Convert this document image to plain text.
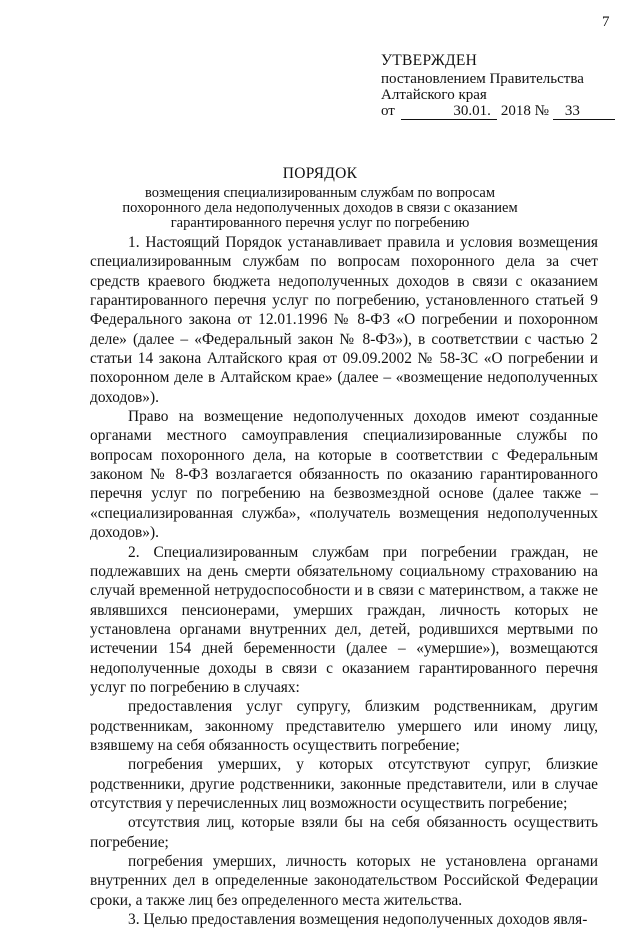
7
УТВЕРЖДЕН
постановлением Правительства
Алтайского края
от	30.01. 2018 №	33
ПОРЯДОК
возмещения специализированным службам по вопросам похоронного дела недополученных доходов в связи с оказанием гарантированного перечня услуг по погребению

1. Настоящий Порядок устанавливает правила и условия возмещения специализированным службам по вопросам похоронного дела за счет средств краевого бюджета недополученных доходов в связи с оказанием гарантированного перечня услуг по погребению, установленного статьей 9 Федерального закона от 12.01.1996 № 8-ФЗ «О погребении и похоронном деле» (далее – «Федеральный закон № 8-ФЗ»), в соответствии с частью 2 статьи 14 закона Алтайского края от 09.09.2002 № 58-ЗС «О погребении и похоронном деле в Алтайском крае» (далее – «возмещение недополученных доходов»).

Право на возмещение недополученных доходов имеют созданные органами местного самоуправления специализированные службы по вопросам похоронного дела, на которые в соответствии с Федеральным законом № 8-ФЗ возлагается обязанность по оказанию гарантированного перечня услуг по погребению на безвозмездной основе (далее также – «специализированная служба», «получатель возмещения недополученных доходов»).

2. Специализированным службам при погребении граждан, не подлежавших на день смерти обязательному социальному страхованию на случай временной нетрудоспособности и в связи с материнством, а также не являвшихся пенсионерами, умерших граждан, личность которых не установлена органами внутренних дел, детей, родившихся мертвыми по истечении 154 дней беременности (далее – «умершие»), возмещаются недополученные доходы в связи с оказанием гарантированного перечня услуг по погребению в случаях:

предоставления услуг супругу, близким родственникам, другим родственникам, законному представителю умершего или иному лицу, взявшему на себя обязанность осуществить погребение;

погребения умерших, у которых отсутствуют супруг, близкие родственники, другие родственники, законные представители, или в случае отсутствия у перечисленных лиц возможности осуществить погребение;

отсутствия лиц, которые взяли бы на себя обязанность осуществить погребение;

погребения умерших, личность которых не установлена органами внутренних дел в определенные законодательством Российской Федерации сроки, а также лиц без определенного места жительства.

3. Целью предоставления возмещения недополученных доходов явля-
